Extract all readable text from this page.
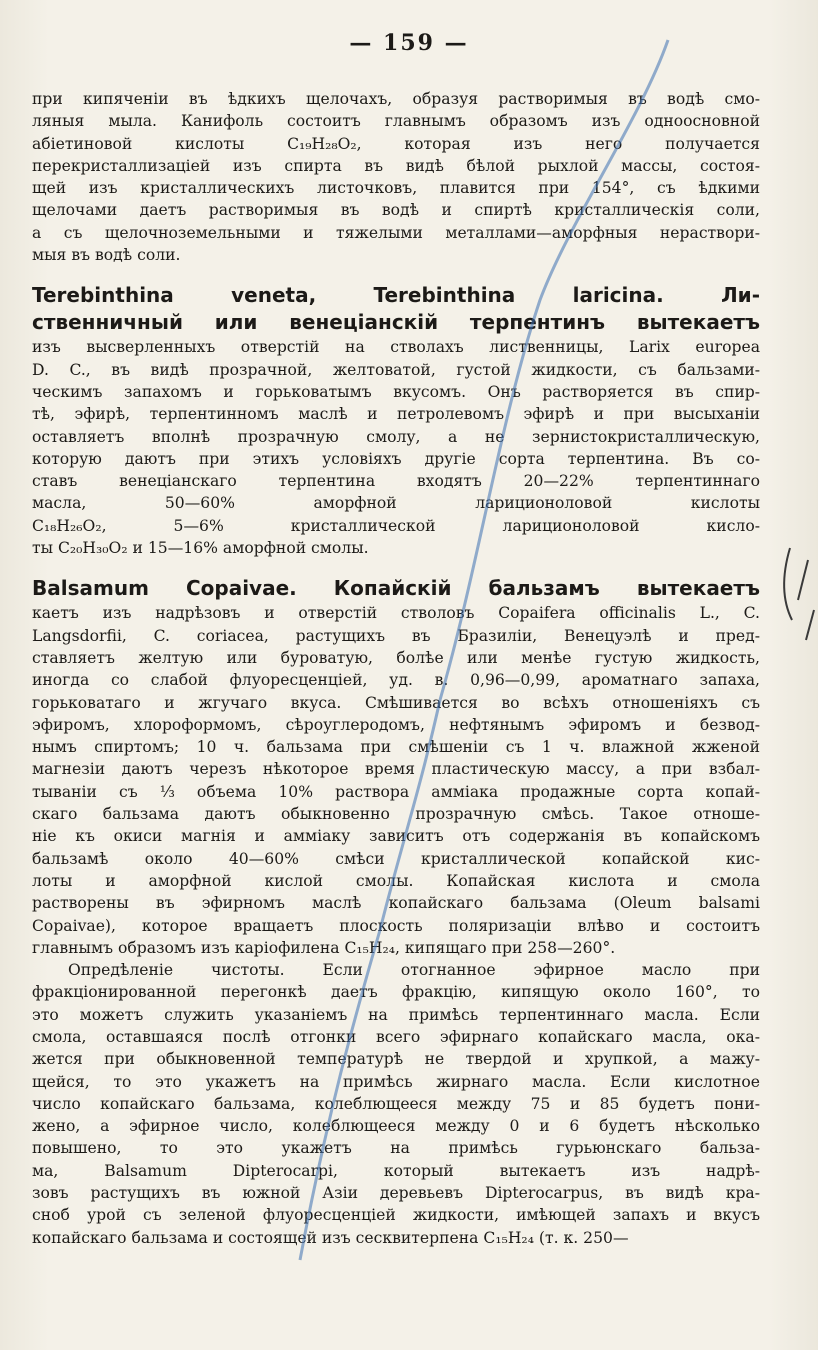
— 159 —
при кипяченіи въ ѣдкихъ щелочахъ, образуя растворимыя въ водѣ смо-
ляныя мыла. Канифоль состоитъ главнымъ образомъ изъ одноосновной
абіетиновой кислоты C₁₉H₂₈O₂, которая изъ него получается
перекристаллизаціей изъ спирта въ видѣ бѣлой рыхлой массы, состоя-
щей изъ кристаллическихъ листочковъ, плавится при 154°, съ ѣдкими
щелочами даетъ растворимыя въ водѣ и спиртѣ кристаллическія соли,
а съ щелочноземельными и тяжелыми металлами—аморфныя нераствори-
мыя въ водѣ соли.
Terebinthina veneta, Terebinthina laricina. Ли-
ственничный или венеціанскій терпентинъ вытекаетъ
изъ высверленныхъ отверстій на стволахъ лиственницы, Larix europea
D. C., въ видѣ прозрачной, желтоватой, густой жидкости, съ бальзами-
ческимъ запахомъ и горьковатымъ вкусомъ. Онъ растворяется въ спир-
тѣ, эфирѣ, терпентинномъ маслѣ и петролевомъ эфирѣ и при высыханіи
оставляетъ вполнѣ прозрачную смолу, а не зернистокристаллическую,
которую даютъ при этихъ условіяхъ другіе сорта терпентина. Въ со-
ставъ венеціанскаго терпентина входятъ 20—22% терпентиннаго
масла, 50—60% аморфной лариционоловой кислоты
C₁₈H₂₆O₂, 5—6% кристаллической лариционоловой кисло-
ты C₂₀H₃₀O₂ и 15—16% аморфной смолы.
Balsamum Copaivae. Копайскій бальзамъ вытекаетъ
каетъ изъ надрѣзовъ и отверстій стволовъ Copaifera officinalis L., C.
Langsdorfii, C. coriacea, растущихъ въ Бразиліи, Венецуэлѣ и пред-
ставляетъ желтую или буроватую, болѣе или менѣе густую жидкость,
иногда со слабой флуоресценціей, уд. в. 0,96—0,99, ароматнаго запаха,
горьковатаго и жгучаго вкуса. Смѣшивается во всѣхъ отношеніяхъ съ
эфиромъ, хлороформомъ, сѣроуглеродомъ, нефтянымъ эфиромъ и безвод-
нымъ спиртомъ; 10 ч. бальзама при смѣшеніи съ 1 ч. влажной жженой
магнезіи даютъ черезъ нѣкоторое время пластическую массу, а при взбал-
тываніи съ ⅓ объема 10% раствора амміака продажные сорта копай-
скаго бальзама даютъ обыкновенно прозрачную смѣсь. Такое отноше-
ніе къ окиси магнія и амміаку зависитъ отъ содержанія въ копайскомъ
бальзамѣ около 40—60% смѣси кристаллической копайской кис-
лоты и аморфной кислой смолы. Копайская кислота и смола
растворены въ эфирномъ маслѣ копайскаго бальзама (Oleum balsami
Copaivae), которое вращаетъ плоскость поляризаціи влѣво и состоитъ
главнымъ образомъ изъ каріофилена C₁₅H₂₄, кипящаго при 258—260°.
Опредѣленіе чистоты. Если отогнанное эфирное масло при
фракціонированной перегонкѣ даетъ фракцію, кипящую около 160°, то
это можетъ служить указаніемъ на примѣсь терпентиннаго масла. Если
смола, оставшаяся послѣ отгонки всего эфирнаго копайскаго масла, ока-
жется при обыкновенной температурѣ не твердой и хрупкой, а мажу-
щейся, то это укажетъ на примѣсь жирнаго масла. Если кислотное
число копайскаго бальзама, колеблющееся между 75 и 85 будетъ пони-
жено, а эфирное число, колеблющееся между 0 и 6 будетъ нѣсколько
повышено, то это укажетъ на примѣсь гурьюнскаго бальза-
ма, Balsamum Dipterocarpi, который вытекаетъ изъ надрѣ-
зовъ растущихъ въ южной Азіи деревьевъ Dipterocarpus, въ видѣ кра-
сноб урой съ зеленой флуоресценціей жидкости, имѣющей запахъ и вкусъ
копайскаго бальзама и состоящей изъ сесквитерпена C₁₅H₂₄ (т. к. 250—
